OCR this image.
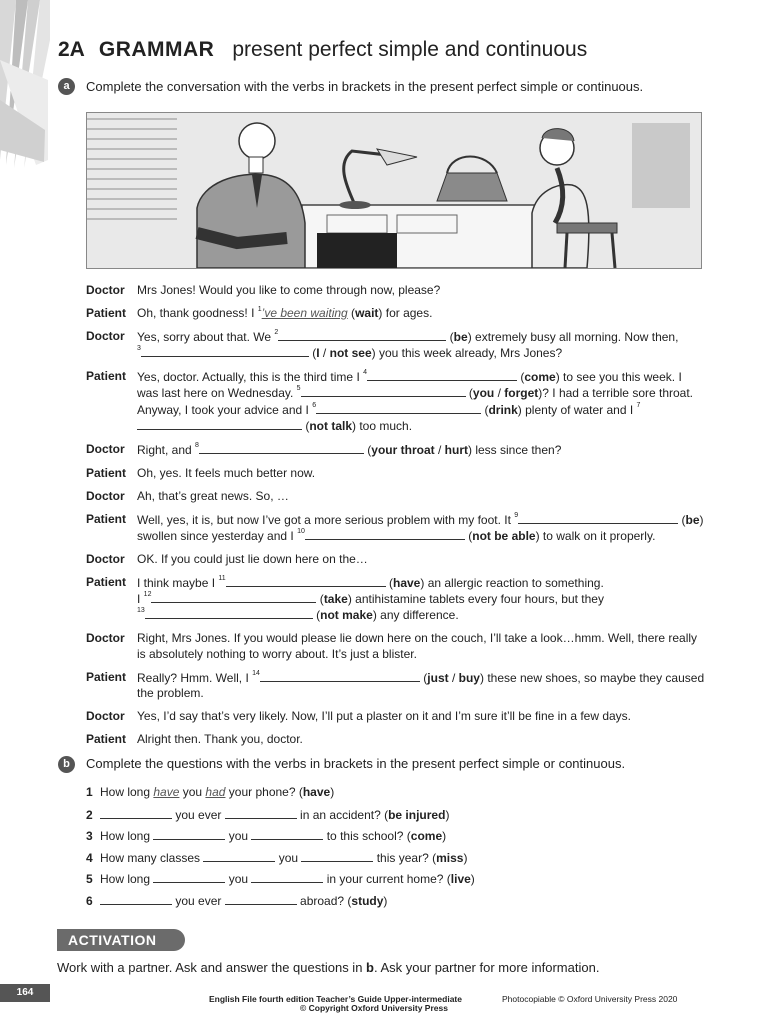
2A GRAMMAR present perfect simple and continuous
a	Complete the conversation with the verbs in brackets in the present perfect simple or continuous.
Doctor	Mrs Jones! Would you like to come through now, please?
Patient Oh, thank goodness! I $^1$’ve been waiting (wait) for ages.
Doctor	Yes, sorry about that. We $^2$	(be) extremely busy all morning. Now then,
$^3$	(I / not see) you this week already, Mrs Jones?
Patient Yes, doctor. Actually, this is the third time I $^4$	(come) to see you this week. I was last here on Wednesday. $^5$	(you / forget)? I had a terrible sore throat. Anyway, I took your advice and I $^6$	(drink) plenty of water and I $^7$ (not talk) too much.
Doctor	Right, and $^8$	(your throat / hurt) less since then?
Patient Oh, yes. It feels much better now.
Doctor	Ah, that’s great news. So, …
Patient Well, yes, it is, but now I’ve got a more serious problem with my foot. It $^9$	(be) swollen since yesterday and I $^{10}$	(not be able) to walk on it properly.
Doctor	OK. If you could just lie down here on the…
Patient I think maybe I $^{11}$	(have) an allergic reaction to something.
I $^{12}$	(take) antihistamine tablets every four hours, but they
$^{13}$	(not make) any difference.
Doctor	Right, Mrs Jones. If you would please lie down here on the couch, I’ll take a look…hmm. Well, there really is absolutely nothing to worry about. It’s just a blister.
Patient Really? Hmm. Well, I $^{14}$	(just / buy) these new shoes, so maybe they caused the problem.
Doctor	Yes, I’d say that’s very likely. Now, I’ll put a plaster on it and I’m sure it’ll be fine in a few days.
Patient Alright then. Thank you, doctor.
b	Complete the questions with the verbs in brackets in the present perfect simple or continuous.
1 How long have you had your phone? (have)
2	you ever	in an accident? (be injured)
3 How long	you	to this school? (come)
4 How many classes	you	this year? (miss)
5 How long	you	in your current home? (live)
6	you ever	abroad? (study)
ACTIVATION
Work with a partner. Ask and answer the questions in b. Ask your partner for more information.
164
English File fourth edition Teacher’s Guide Upper-intermediate	Photocopiable © Oxford University Press 2020
© Copyright Oxford University Press
